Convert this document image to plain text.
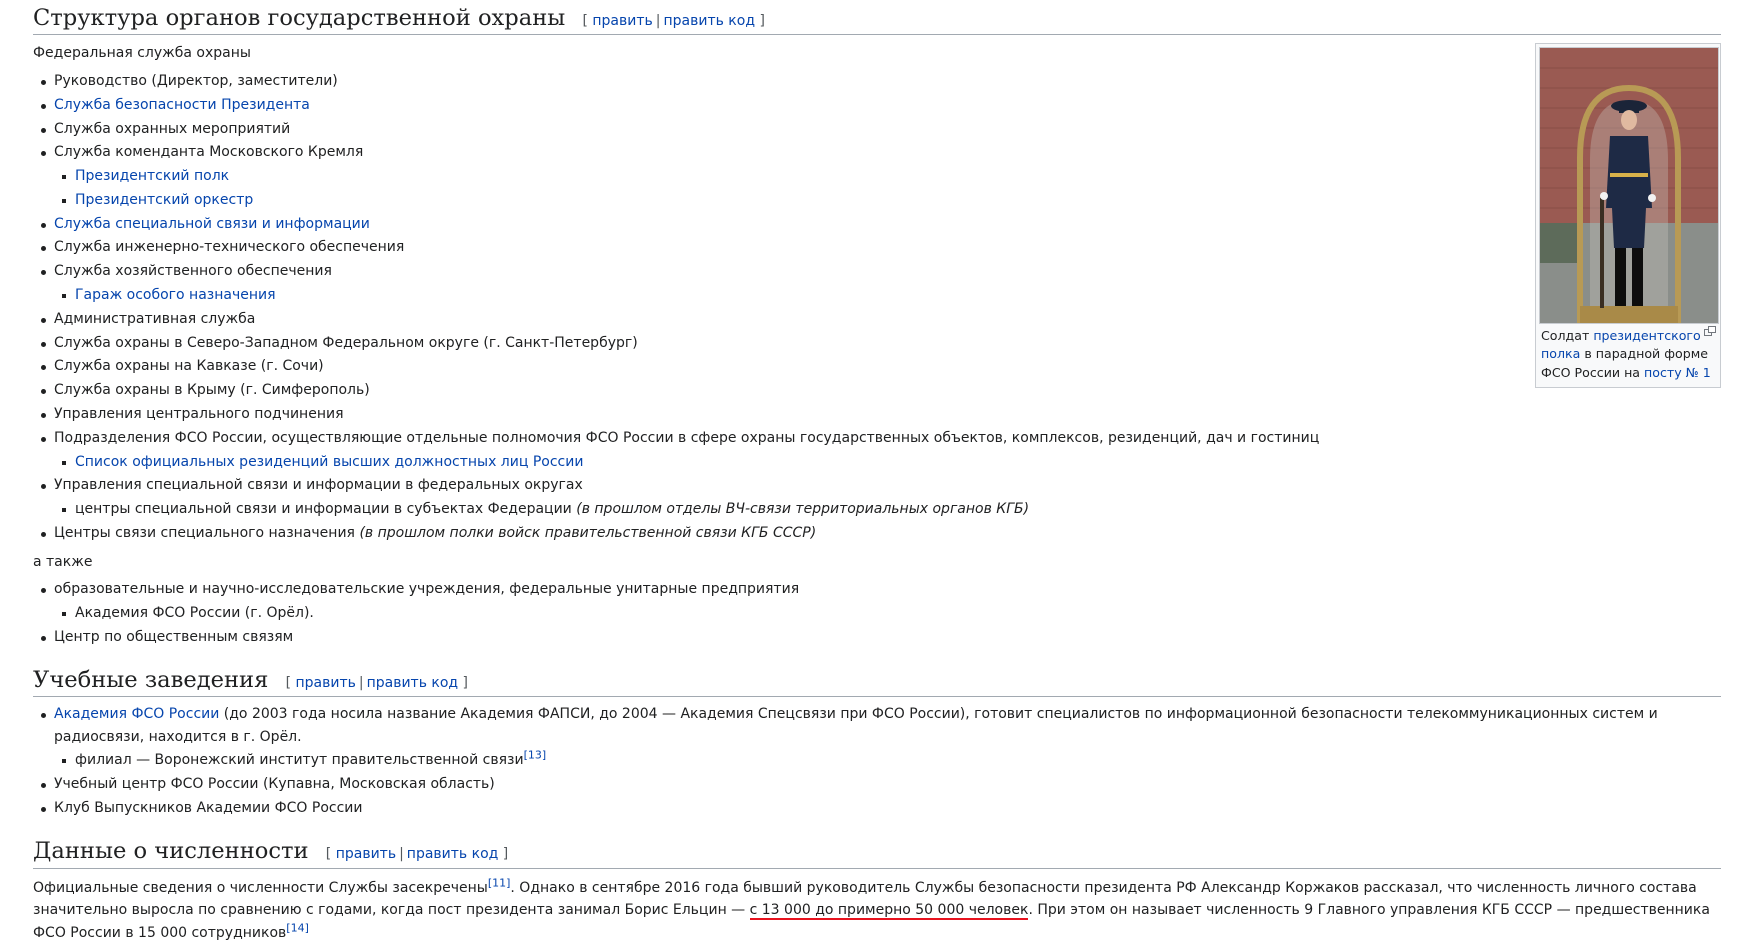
Структура органов государственной охраны [ править | править код ]
Солдат президентского полка в парадной форме ФСО России на посту № 1

Федеральная служба охраны

Руководство (Директор, заместители)
Служба безопасности Президента
Служба охранных мероприятий
Служба коменданта Московского Кремля
Президентский полк
Президентский оркестр
Служба специальной связи и информации
Служба инженерно-технического обеспечения
Служба хозяйственного обеспечения
Гараж особого назначения
Административная служба
Служба охраны в Северо-Западном Федеральном округе (г. Санкт-Петербург)
Служба охраны на Кавказе (г. Сочи)
Служба охраны в Крыму (г. Симферополь)
Управления центрального подчинения
Подразделения ФСО России, осуществляющие отдельные полномочия ФСО России в сфере охраны государственных объектов, комплексов, резиденций, дач и гостиниц
Список официальных резиденций высших должностных лиц России
Управления специальной связи и информации в федеральных округах
центры специальной связи и информации в субъектах Федерации (в прошлом отделы ВЧ-связи территориальных органов КГБ)
Центры связи специального назначения (в прошлом полки войск правительственной связи КГБ СССР)

а также

образовательные и научно-исследовательские учреждения, федеральные унитарные предприятия
Академия ФСО России (г. Орёл).
Центр по общественным связям
Учебные заведения [ править | править код ]
Академия ФСО России (до 2003 года носила название Академия ФАПСИ, до 2004 — Академия Спецсвязи при ФСО России), готовит специалистов по информационной безопасности телекоммуникационных систем и радиосвязи, находится в г. Орёл.
филиал — Воронежский институт правительственной связи[13]
Учебный центр ФСО России (Купавна, Московская область)
Клуб Выпускников Академии ФСО России
Данные о численности [ править | править код ]

Официальные сведения о численности Службы засекречены[11]. Однако в сентябре 2016 года бывший руководитель Службы безопасности президента РФ Александр Коржаков рассказал, что численность личного состава значительно выросла по сравнению с годами, когда пост президента занимал Борис Ельцин — с 13 000 до примерно 50 000 человек. При этом он называет численность 9 Главного управления КГБ СССР — предшественника ФСО России в 15 000 сотрудников[14]
